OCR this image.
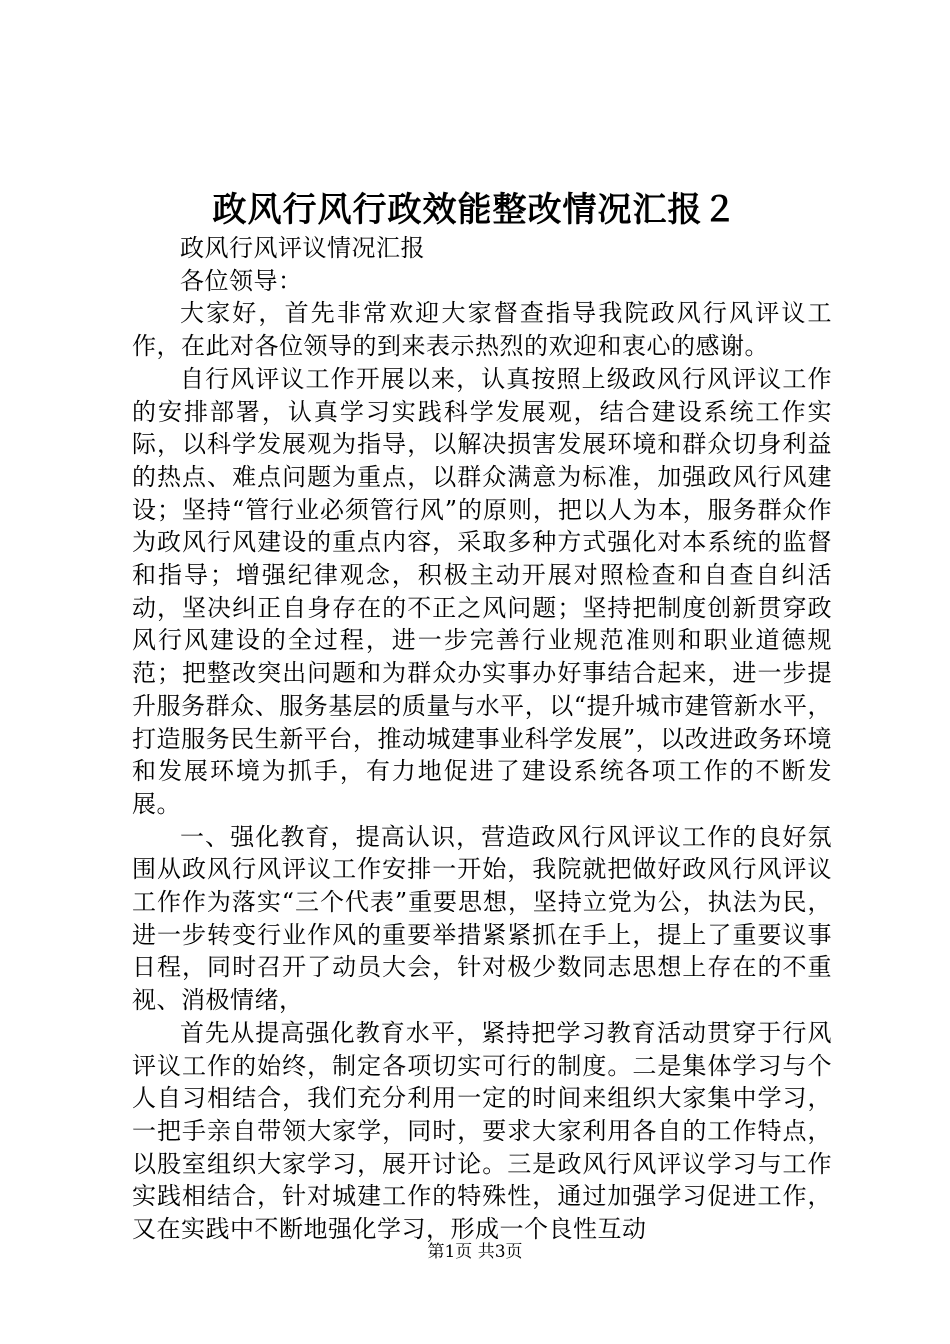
政风行风行政效能整改情况汇报２

政风行风评议情况汇报

各位领导：

大家好，首先非常欢迎大家督查指导我院政风行风评议工作，在此对各位领导的到来表示热烈的欢迎和衷心的感谢。

自行风评议工作开展以来，认真按照上级政风行风评议工作的安排部署，认真学习实践科学发展观，结合建设系统工作实际，以科学发展观为指导，以解决损害发展环境和群众切身利益的热点、难点问题为重点，以群众满意为标准，加强政风行风建设；坚持“管行业必须管行风”的原则，把以人为本，服务群众作为政风行风建设的重点内容，采取多种方式强化对本系统的监督和指导；增强纪律观念，积极主动开展对照检查和自查自纠活动，坚决纠正自身存在的不正之风问题；坚持把制度创新贯穿政风行风建设的全过程，进一步完善行业规范准则和职业道德规范；把整改突出问题和为群众办实事办好事结合起来，进一步提升服务群众、服务基层的质量与水平，以“提升城市建管新水平，打造服务民生新平台，推动城建事业科学发展”，以改进政务环境和发展环境为抓手，有力地促进了建设系统各项工作的不断发展。

一、强化教育，提高认识，营造政风行风评议工作的良好氛围从政风行风评议工作安排一开始，我院就把做好政风行风评议工作作为落实“三个代表”重要思想，坚持立党为公，执法为民，进一步转变行业作风的重要举措紧紧抓在手上，提上了重要议事日程，同时召开了动员大会，针对极少数同志思想上存在的不重视、消极情绪，

首先从提高强化教育水平，紧持把学习教育活动贯穿于行风评议工作的始终，制定各项切实可行的制度。二是集体学习与个人自习相结合，我们充分利用一定的时间来组织大家集中学习，一把手亲自带领大家学，同时，要求大家利用各自的工作特点，以股室组织大家学习，展开讨论。三是政风行风评议学习与工作实践相结合，针对城建工作的特殊性，通过加强学习促进工作，又在实践中不断地强化学习，形成一个良性互动

第1页 共3页
